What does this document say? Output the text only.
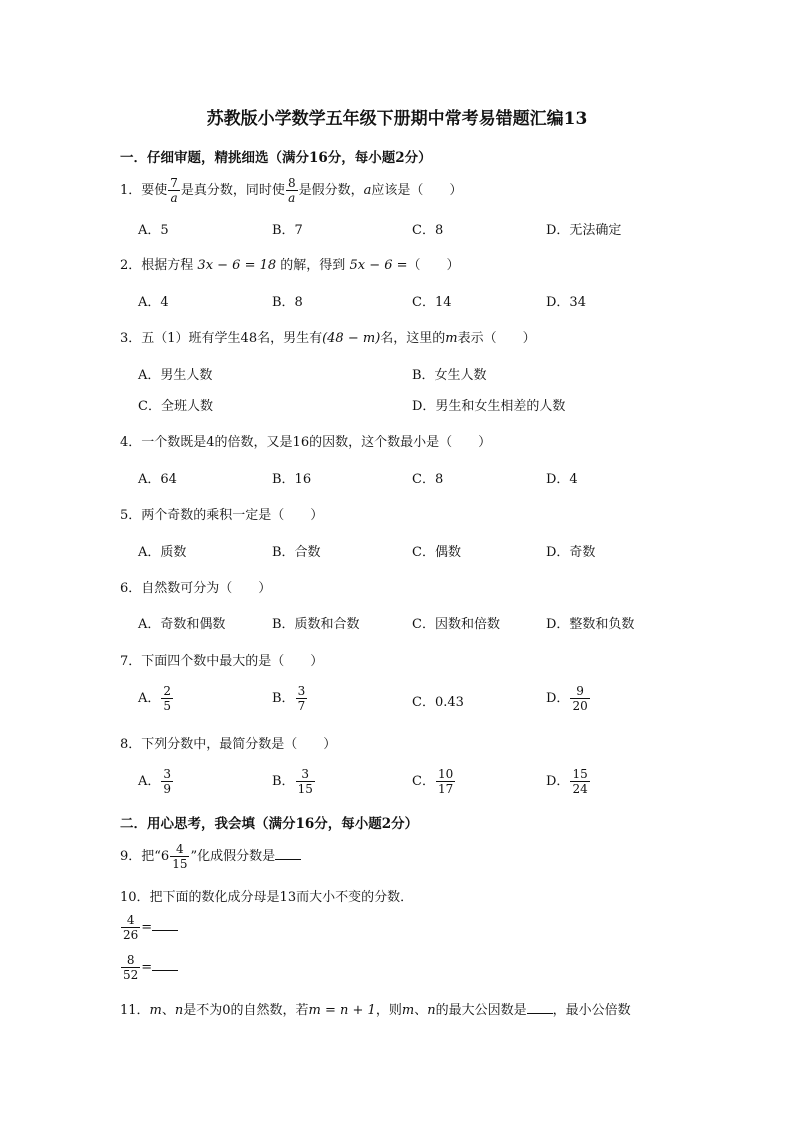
苏教版小学数学五年级下册期中常考易错题汇编13
一．仔细审题，精挑细选（满分16分，每小题2分）
1．要使 $\frac{7}{a}$ 是真分数，同时使 $\frac{8}{a}$ 是假分数，a应该是（　　）
A．5	B．7	C．8	D．无法确定
2．根据方程 3x − 6 = 18 的解，得到 5x − 6 =（　　）
A．4	B．8	C．14	D．34
3．五（1）班有学生48名，男生有(48 − m)名，这里的m表示（　　）
A．男生人数	B．女生人数
C．全班人数	D．男生和女生相差的人数
4．一个数既是4的倍数，又是16的因数，这个数最小是（　　）
A．64	B．16	C．8	D．4
5．两个奇数的乘积一定是（　　）
A．质数	B．合数	C．偶数	D．奇数
6．自然数可分为（　　）
A．奇数和偶数	B．质数和合数	C．因数和倍数	D．整数和负数
7．下面四个数中最大的是（　　）
A． $\frac{2}{5}$	B． $\frac{3}{7}$	C．0.43	D． $\frac{9}{20}$
8．下列分数中，最简分数是（　　）
A． $\frac{3}{9}$	B． $\frac{3}{15}$	C． $\frac{10}{17}$	D． $\frac{15}{24}$
二．用心思考，我会填（满分16分，每小题2分）
9．把“$6 \frac{4}{15}$ ”化成假分数是
10．把下面的数化成分母是13而大小不变的分数．
$\frac{4}{26}$ =
$\frac{8}{52}$ =
11．m、n是不为0的自然数，若m = n + 1，则m、n的最大公因数是 ，最小公倍数
